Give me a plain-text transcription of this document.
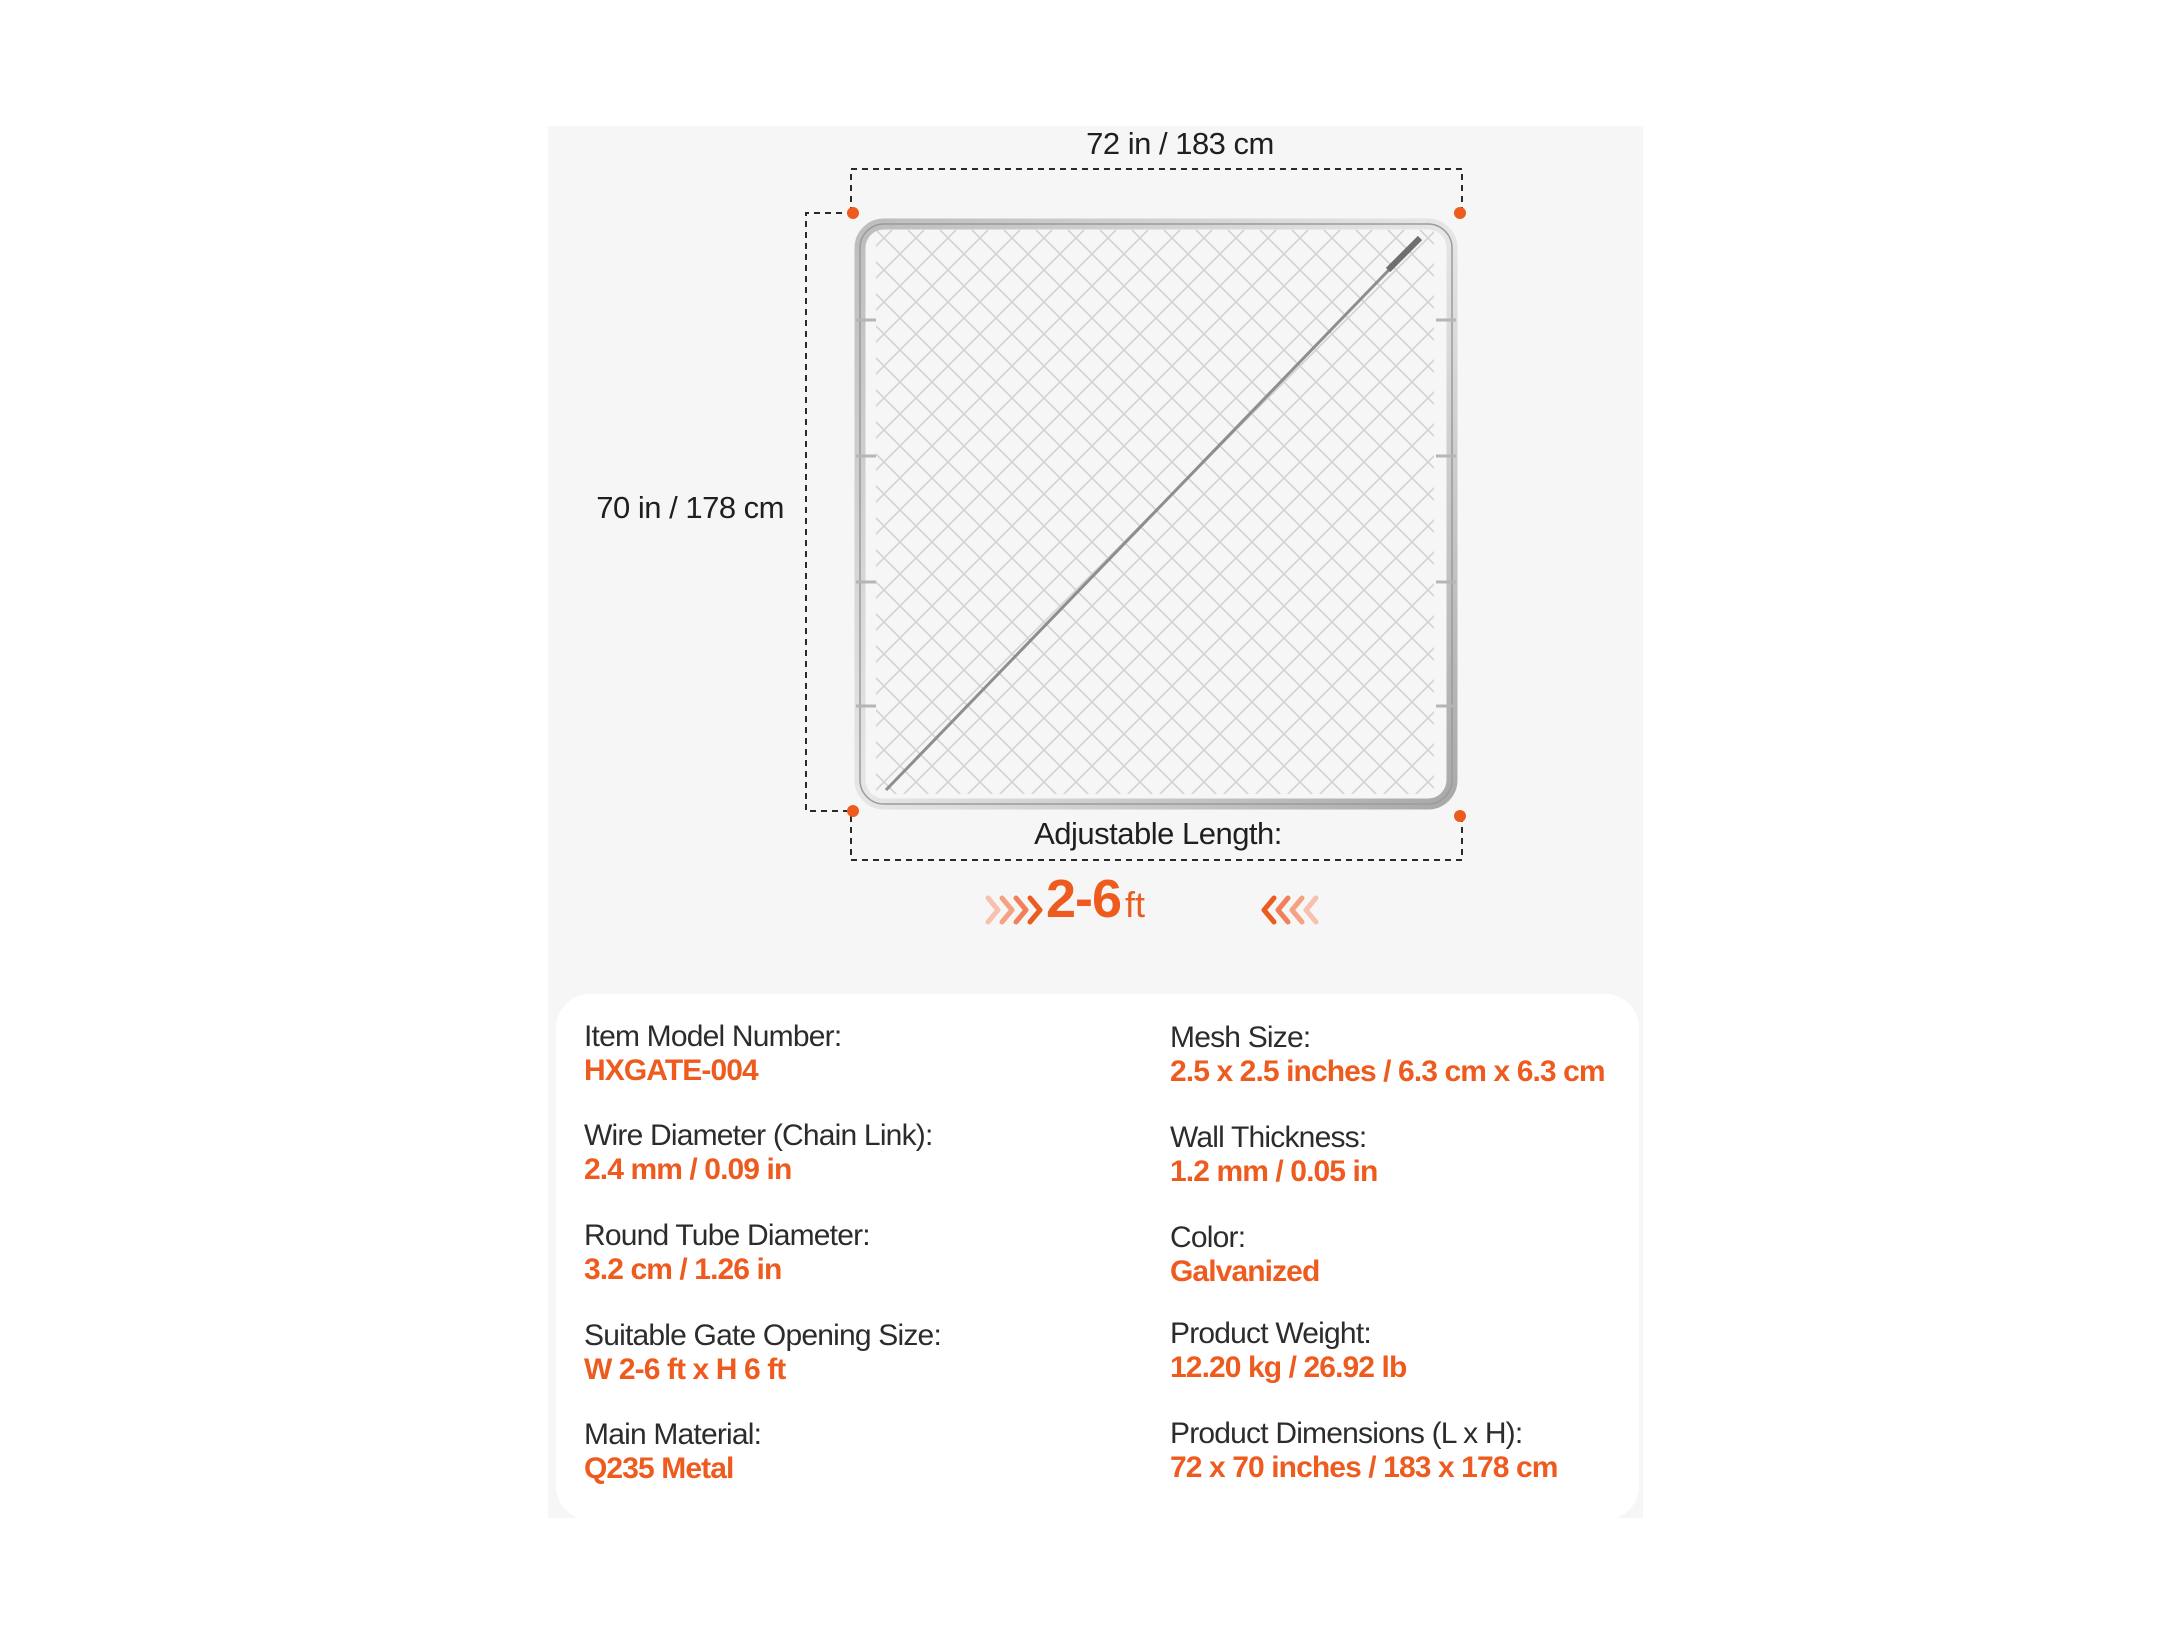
72 in / 183 cm
70 in / 178 cm
Adjustable Length:
2-6 ft
Item Model Number:
HXGATE-004
Wire Diameter (Chain Link):
2.4 mm / 0.09 in
Round Tube Diameter:
3.2 cm / 1.26 in
Suitable Gate Opening Size:
W 2-6 ft x H 6 ft
Main Material:
Q235 Metal
Mesh Size:
2.5 x 2.5 inches / 6.3 cm x 6.3 cm
Wall Thickness:
1.2 mm / 0.05 in
Color:
Galvanized
Product Weight:
12.20 kg / 26.92 lb
Product Dimensions (L x H):
72 x 70 inches / 183 x 178 cm
